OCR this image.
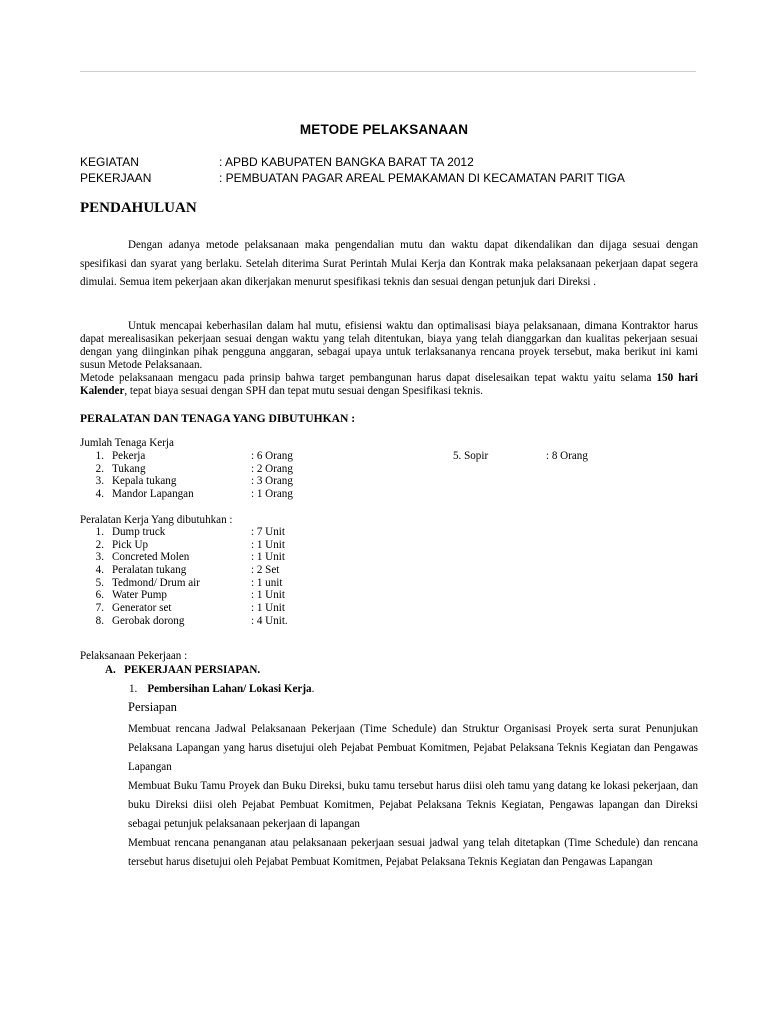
METODE PELAKSANAAN
KEGIATAN	: APBD KABUPATEN BANGKA BARAT TA 2012
PEKERJAAN	: PEMBUATAN PAGAR AREAL PEMAKAMAN DI KECAMATAN PARIT TIGA
PENDAHULUAN

Dengan adanya metode pelaksanaan maka pengendalian mutu dan waktu dapat dikendalikan dan dijaga sesuai dengan spesifikasi dan syarat yang berlaku. Setelah diterima Surat Perintah Mulai Kerja dan Kontrak maka pelaksanaan pekerjaan dapat segera dimulai. Semua item pekerjaan akan dikerjakan menurut spesifikasi teknis dan sesuai dengan petunjuk dari Direksi .

Untuk mencapai keberhasilan dalam hal mutu, efisiensi waktu dan optimalisasi biaya pelaksanaan, dimana Kontraktor harus dapat merealisasikan pekerjaan sesuai dengan waktu yang telah ditentukan, biaya yang telah dianggarkan dan kualitas pekerjaan sesuai dengan yang diinginkan pihak pengguna anggaran, sebagai upaya untuk terlaksananya rencana proyek tersebut, maka berikut ini kami susun Metode Pelaksanaan.

Metode pelaksanaan mengacu pada prinsip bahwa target pembangunan harus dapat diselesaikan tepat waktu yaitu selama 150 hari Kalender, tepat biaya sesuai dengan SPH dan tepat mutu sesuai dengan Spesifikasi teknis.

PERALATAN DAN TENAGA YANG DIBUTUHKAN :
Jumlah Tenaga Kerja
1. Pekerja	: 6 Orang
2. Tukang	: 2 Orang
3. Kepala tukang	: 3 Orang
4. Mandor Lapangan	: 1 Orang
5. Sopir	: 8 Orang
Peralatan Kerja Yang dibutuhkan :
1. Dump truck	: 7 Unit
2. Pick Up	: 1 Unit
3. Concreted Molen	: 1 Unit
4. Peralatan tukang	: 2 Set
5. Tedmond/ Drum air	: 1 unit
6. Water Pump	: 1 Unit
7. Generator set	: 1 Unit
8. Gerobak dorong	: 4 Unit.
Pelaksanaan Pekerjaan :
A.   PEKERJAAN PERSIAPAN.
1. Pembersihan Lahan/ Lokasi Kerja.
Persiapan

Membuat rencana Jadwal Pelaksanaan Pekerjaan (Time Schedule) dan Struktur Organisasi Proyek serta surat Penunjukan Pelaksana Lapangan yang harus disetujui oleh Pejabat Pembuat Komitmen, Pejabat Pelaksana Teknis Kegiatan dan Pengawas Lapangan

Membuat Buku Tamu Proyek dan Buku Direksi, buku tamu tersebut harus diisi oleh tamu yang datang ke lokasi pekerjaan, dan buku Direksi diisi oleh Pejabat Pembuat Komitmen, Pejabat Pelaksana Teknis Kegiatan, Pengawas lapangan dan Direksi sebagai petunjuk pelaksanaan pekerjaan di lapangan

Membuat rencana penanganan atau pelaksanaan pekerjaan sesuai jadwal yang telah ditetapkan (Time Schedule) dan rencana tersebut harus disetujui oleh Pejabat Pembuat Komitmen, Pejabat Pelaksana Teknis Kegiatan dan Pengawas Lapangan
